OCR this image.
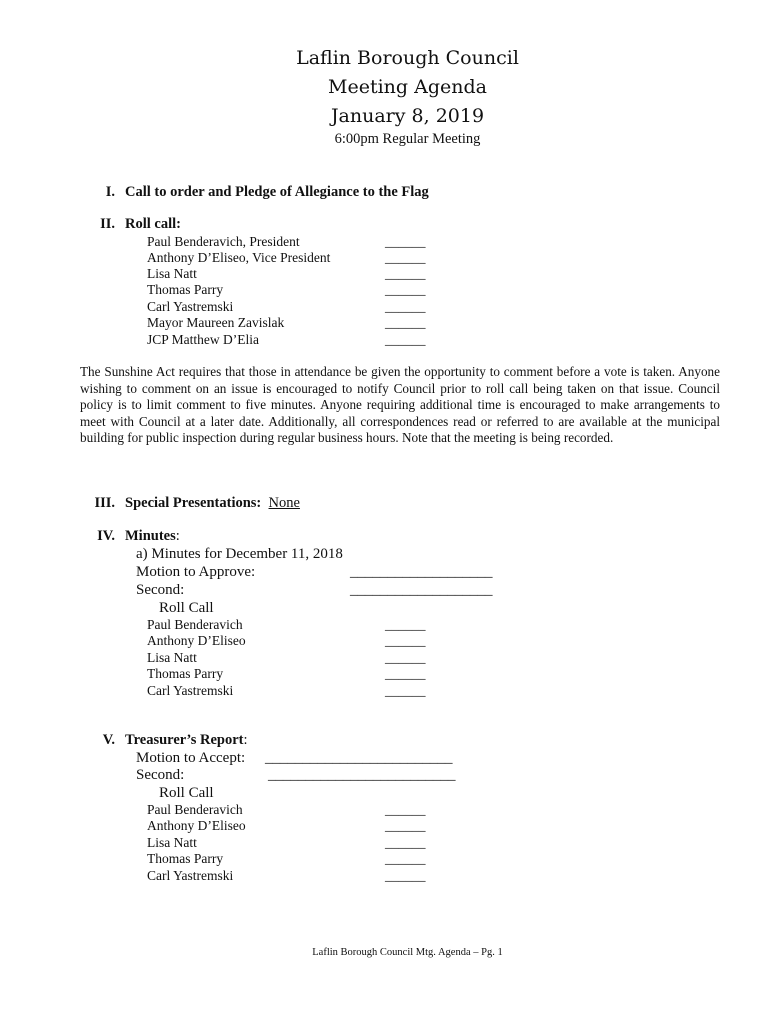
Laflin Borough Council
Meeting Agenda
January 8, 2019
6:00pm Regular Meeting
I. Call to order and Pledge of Allegiance to the Flag
II. Roll call:
Paul Benderavich, President	______
Anthony D’Eliseo, Vice President	______
Lisa Natt	______
Thomas Parry	______
Carl Yastremski	______
Mayor Maureen Zavislak	______
JCP Matthew D’Elia	______
The Sunshine Act requires that those in attendance be given the opportunity to comment before a vote is taken. Anyone wishing to comment on an issue is encouraged to notify Council prior to roll call being taken on that issue. Council policy is to limit comment to five minutes. Anyone requiring additional time is encouraged to make arrangements to meet with Council at a later date. Additionally, all correspondences read or referred to are available at the municipal building for public inspection during regular business hours. Note that the meeting is being recorded.
III. Special Presentations: None
IV. Minutes:
a) Minutes for December 11, 2018
Motion to Approve:	___________________
Second:	___________________
Roll Call
Paul Benderavich	______
Anthony D’Eliseo	______
Lisa Natt	______
Thomas Parry	______
Carl Yastremski	______
V. Treasurer’s Report:
Motion to Accept: _________________________
Second:	_________________________
Roll Call
Paul Benderavich	______
Anthony D’Eliseo	______
Lisa Natt	______
Thomas Parry	______
Carl Yastremski	______
Laflin Borough Council Mtg. Agenda – Pg. 1
